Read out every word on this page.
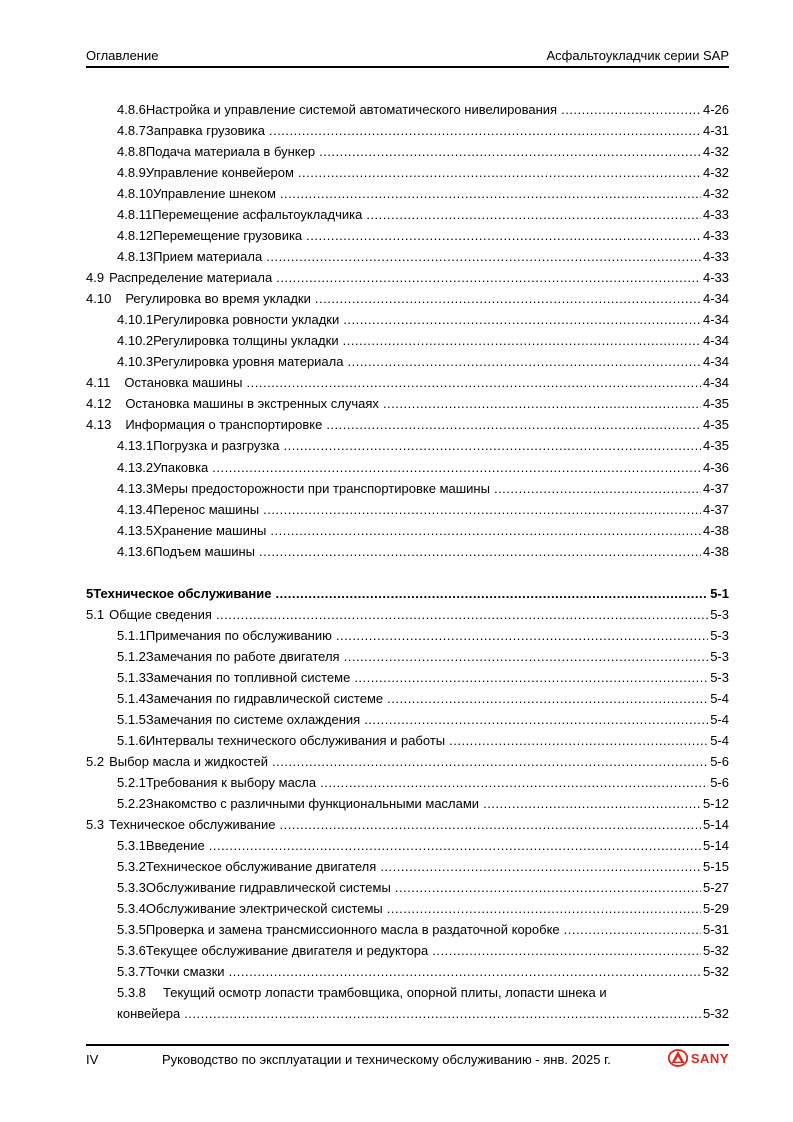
Оглавление	Асфальтоукладчик серии SAP
4.8.6 Настройка и управление системой автоматического нивелирования .....	4-26
4.8.7 Заправка грузовика .....	4-31
4.8.8 Подача материала в бункер .....	4-32
4.8.9 Управление конвейером .....	4-32
4.8.10 Управление шнеком .....	4-32
4.8.11 Перемещение асфальтоукладчика .....	4-33
4.8.12 Перемещение грузовика .....	4-33
4.8.13 Прием материала .....	4-33
4.9 Распределение материала .....	4-33
4.10 Регулировка во время укладки .....	4-34
4.10.1 Регулировка ровности укладки .....	4-34
4.10.2 Регулировка толщины укладки .....	4-34
4.10.3 Регулировка уровня материала .....	4-34
4.11 Остановка машины .....	4-34
4.12 Остановка машины в экстренных случаях .....	4-35
4.13 Информация о транспортировке .....	4-35
4.13.1 Погрузка и разгрузка .....	4-35
4.13.2 Упаковка .....	4-36
4.13.3 Меры предосторожности при транспортировке машины .....	4-37
4.13.4 Перенос машины .....	4-37
4.13.5 Хранение машины .....	4-38
4.13.6 Подъем машины .....	4-38
5 Техническое обслуживание .....	5-1
5.1 Общие сведения .....	5-3
5.1.1 Примечания по обслуживанию .....	5-3
5.1.2 Замечания по работе двигателя .....	5-3
5.1.3 Замечания по топливной системе .....	5-3
5.1.4 Замечания по гидравлической системе .....	5-4
5.1.5 Замечания по системе охлаждения .....	5-4
5.1.6 Интервалы технического обслуживания и работы .....	5-4
5.2 Выбор масла и жидкостей .....	5-6
5.2.1 Требования к выбору масла .....	5-6
5.2.2 Знакомство с различными функциональными маслами .....	5-12
5.3 Техническое обслуживание .....	5-14
5.3.1 Введение .....	5-14
5.3.2 Техническое обслуживание двигателя .....	5-15
5.3.3 Обслуживание гидравлической системы .....	5-27
5.3.4 Обслуживание электрической системы .....	5-29
5.3.5 Проверка и замена трансмиссионного масла в раздаточной коробке .....	5-31
5.3.6 Текущее обслуживание двигателя и редуктора .....	5-32
5.3.7 Точки смазки .....	5-32
5.3.8	Текущий осмотр лопасти трамбовщика, опорной плиты, лопасти шнека и
конвейера .....	5-32
IV	Руководство по эксплуатации и техническому обслуживанию - янв. 2025 г.	SANY
